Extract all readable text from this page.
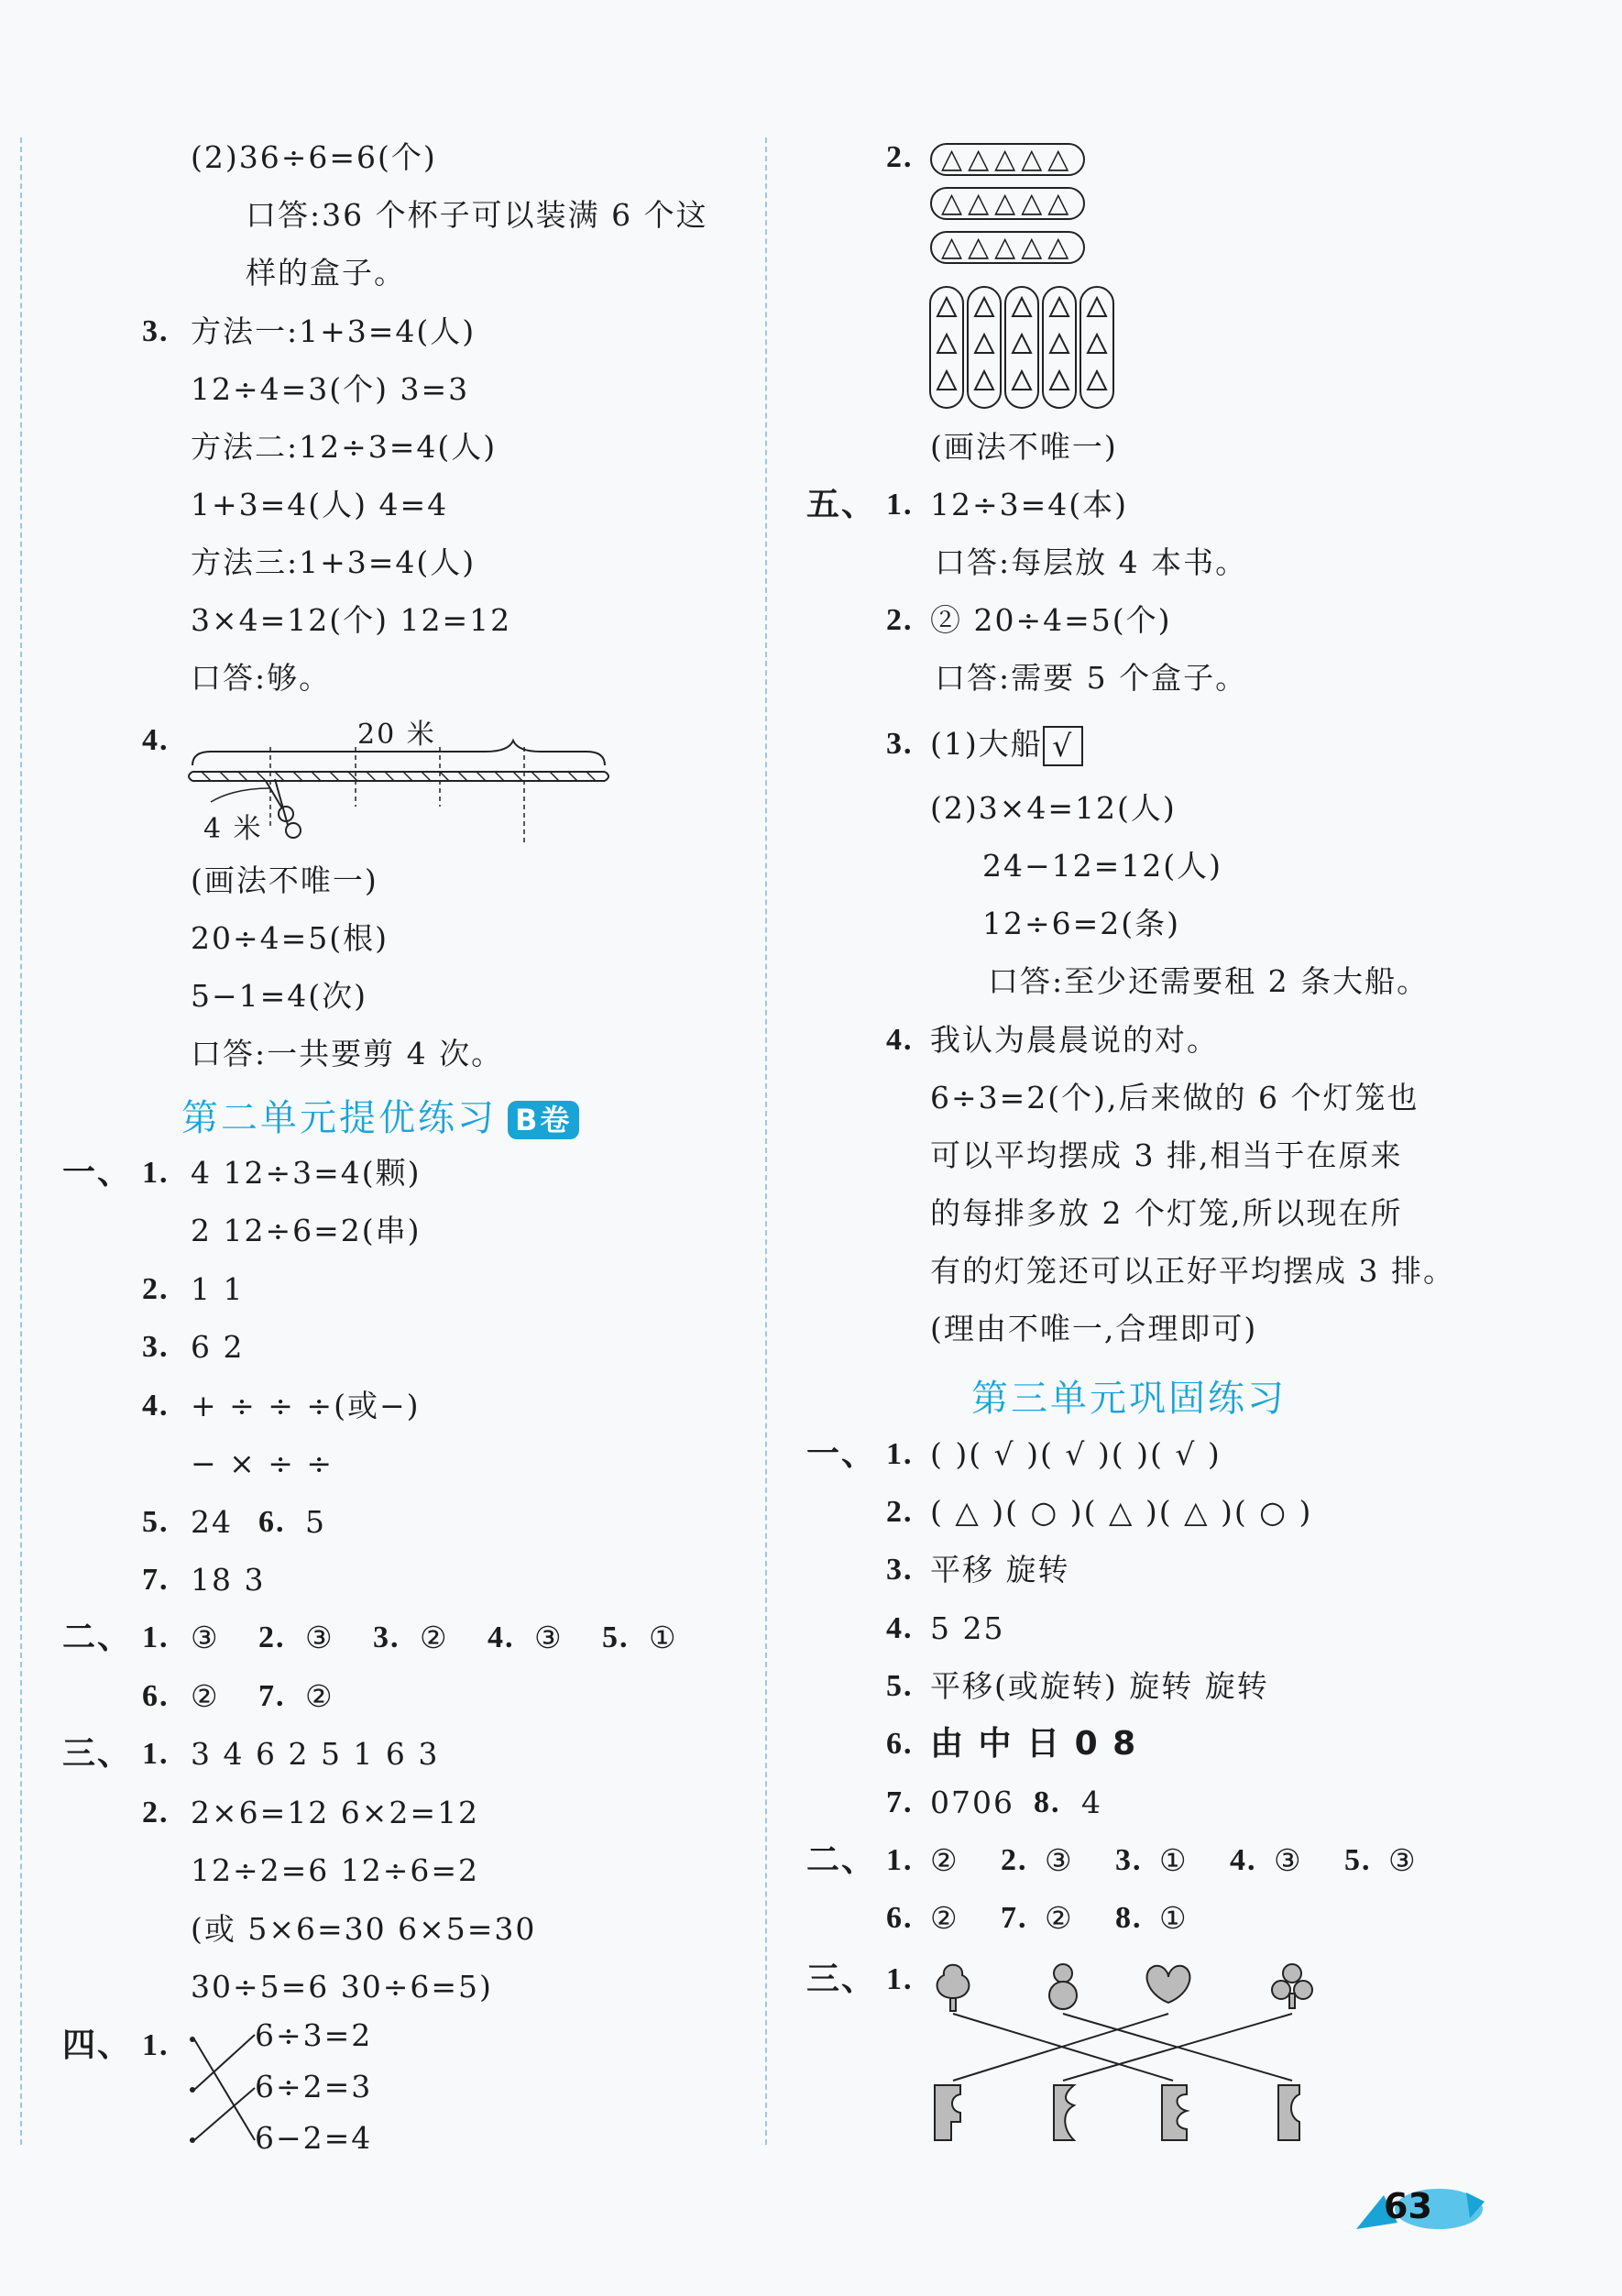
(2)36÷6=6(个)
口答:36 个杯子可以装满 6 个这
样的盒子。
3. 方法一:1+3=4(人)
12÷4=3(个) 3=3
方法二:12÷3=4(人)
1+3=4(人) 4=4
方法三:1+3=4(人)
3×4=12(个) 12=12
口答:够。
4.	20 米
4 米
(画法不唯一)
20÷4=5(根)
5−1=4(次)
口答:一共要剪 4 次。
第二单元提优练习 B卷
一、 1. 4 12÷3=4(颗)
2 12÷6=2(串)
2. 1 1
3. 6 2
4. + ÷ ÷ ÷(或−)
− × ÷ ÷
5. 24 6. 5
7. 18 3
二、 1. ③ 2. ③ 3. ② 4. ③ 5. ①
6. ② 7. ②
三、 1. 3 4 6 2 5 1 6 3
2. 2×6=12 6×2=12
12÷2=6 12÷6=2
(或 5×6=30 6×5=30
30÷5=6 30÷6=5)
四、 1.	6÷3=2
6÷2=3
6−2=4
2.	△△△△△
△△△△△
△△△△△
(画法不唯一)
五、 1. 12÷3=4(本)
口答:每层放 4 本书。
2. ② 20÷4=5(个)
口答:需要 5 个盒子。
3. (1)大船 √
(2)3×4=12(人)
24−12=12(人)
12÷6=2(条)
口答:至少还需要租 2 条大船。
4. 我认为晨晨说的对。
6÷3=2(个),后来做的 6 个灯笼也
可以平均摆成 3 排,相当于在原来
的每排多放 2 个灯笼,所以现在所
有的灯笼还可以正好平均摆成 3 排。
(理由不唯一,合理即可)
第三单元巩固练习
一、 1. ( )( √ )( √ )( )( √ )
2. ( △ )( ○ )( △ )( △ )( ○ )
3. 平移 旋转
4. 5 25
5. 平移(或旋转) 旋转 旋转
6. 由 中 日 0 8
7. 0706 8. 4
二、 1. ② 2. ③ 3. ① 4. ③ 5. ③
6. ② 7. ② 8. ①
三、 1.
63
